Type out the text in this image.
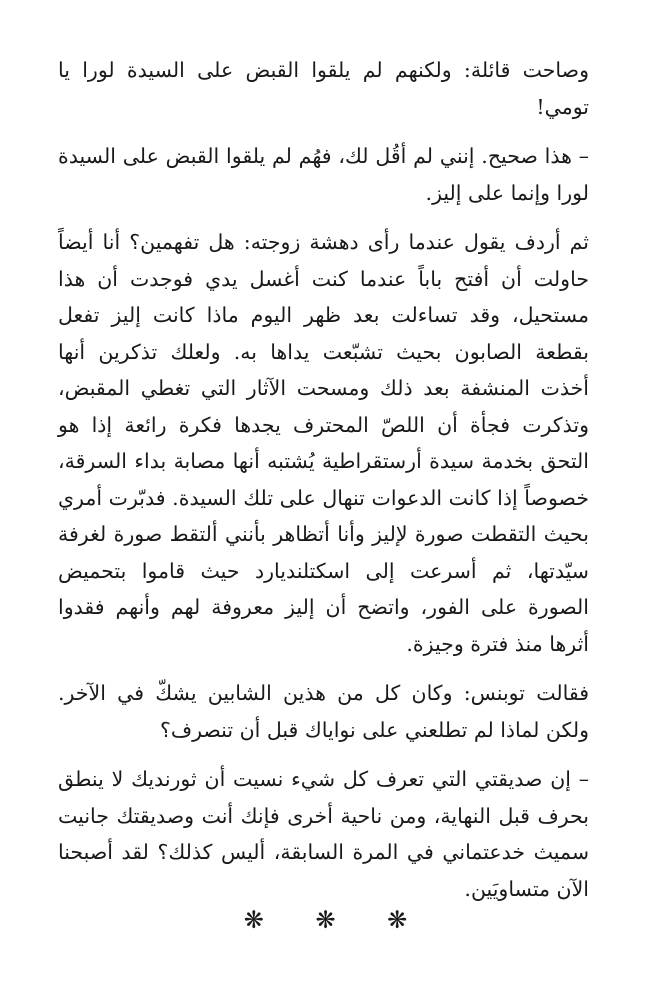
وصاحت قائلة: ولكنهم لم يلقوا القبض على السيدة لورا يا تومي!

– هذا صحيح. إنني لم أقُل لك، فهُم لم يلقوا القبض على السيدة لورا وإنما على إليز.

ثم أردف يقول عندما رأى دهشة زوجته: هل تفهمين؟ أنا أيضاً حاولت أن أفتح باباً عندما كنت أغسل يدي فوجدت أن هذا مستحيل، وقد تساءلت بعد ظهر اليوم ماذا كانت إليز تفعل بقطعة الصابون بحيث تشبّعت يداها به. ولعلك تذكرين أنها أخذت المنشفة بعد ذلك ومسحت الآثار التي تغطي المقبض، وتذكرت فجأة أن اللصّ المحترف يجدها فكرة رائعة إذا هو التحق بخدمة سيدة أرستقراطية يُشتبه أنها مصابة بداء السرقة، خصوصاً إذا كانت الدعوات تنهال على تلك السيدة. فدبّرت أمري بحيث التقطت صورة لإليز وأنا أتظاهر بأنني ألتقط صورة لغرفة سيّدتها، ثم أسرعت إلى اسكتلنديارد حيث قاموا بتحميض الصورة على الفور، واتضح أن إليز معروفة لهم وأنهم فقدوا أثرها منذ فترة وجيزة.

فقالت توبنس: وكان كل من هذين الشابين يشكّ في الآخر. ولكن لماذا لم تطلعني على نواياك قبل أن تنصرف؟

– إن صديقتي التي تعرف كل شيء نسيت أن ثورنديك لا ينطق بحرف قبل النهاية، ومن ناحية أخرى فإنك أنت وصديقتك جانيت سميث خدعتماني في المرة السابقة، أليس كذلك؟ لقد أصبحنا الآن متساويَين.

❋ ❋ ❋
